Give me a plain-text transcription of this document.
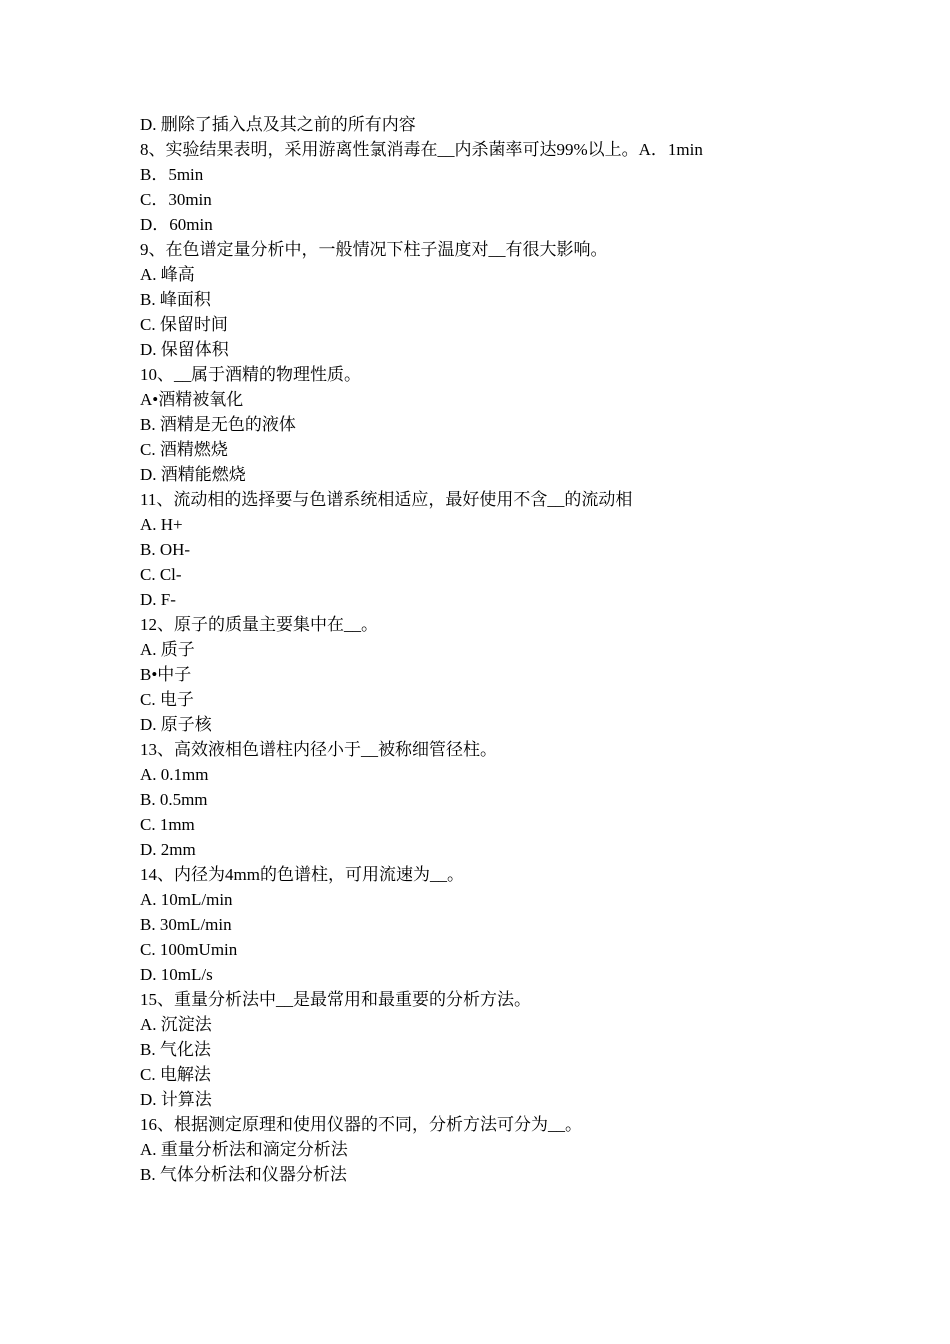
D. 删除了插入点及其之前的所有内容
8、实验结果表明，采用游离性氯消毒在__内杀菌率可达99%以上。A．1min
B．5min
C．30min
D．60min
9、在色谱定量分析中，一般情况下柱子温度对__有很大影响。
A. 峰高
B. 峰面积
C. 保留时间
D. 保留体积
10、__属于酒精的物理性质。
A•酒精被氧化
B. 酒精是无色的液体
C. 酒精燃烧
D. 酒精能燃烧
11、流动相的选择要与色谱系统相适应，最好使用不含__的流动相
A. H+
B. OH-
C. Cl-
D. F-
12、原子的质量主要集中在__。
A. 质子
B•中子
C. 电子
D. 原子核
13、高效液相色谱柱内径小于__被称细管径柱。
A. 0.1mm
B. 0.5mm
C. 1mm
D. 2mm
14、内径为4mm的色谱柱，可用流速为__。
A. 10mL/min
B. 30mL/min
C. 100mUmin
D. 10mL/s
15、重量分析法中__是最常用和最重要的分析方法。
A. 沉淀法
B. 气化法
C. 电解法
D. 计算法
16、根据测定原理和使用仪器的不同，分析方法可分为__。
A. 重量分析法和滴定分析法
B. 气体分析法和仪器分析法
